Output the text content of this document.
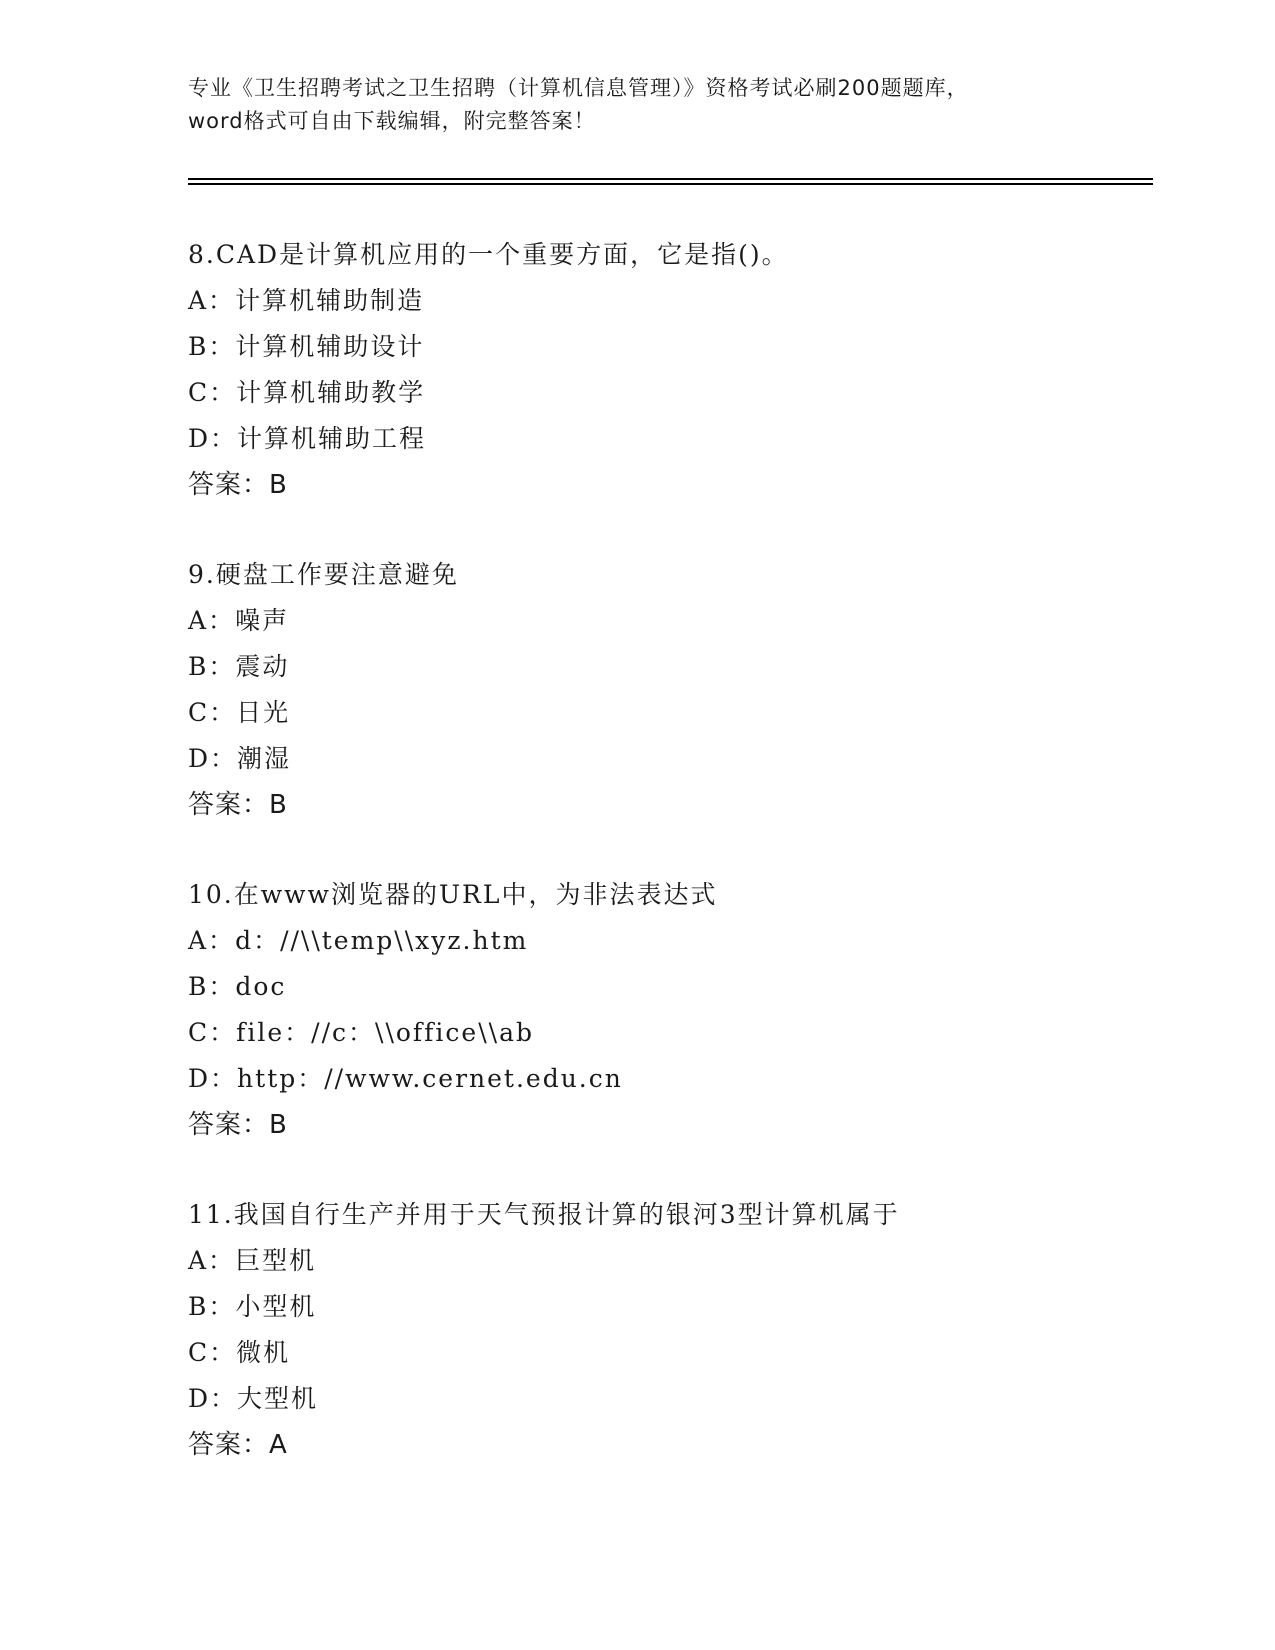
专业《卫生招聘考试之卫生招聘（计算机信息管理）》资格考试必刷200题题库，
word格式可自由下载编辑，附完整答案！
8.CAD是计算机应用的一个重要方面，它是指()。
A：计算机辅助制造
B：计算机辅助设计
C：计算机辅助教学
D：计算机辅助工程
答案：B
9.硬盘工作要注意避免
A：噪声
B：震动
C：日光
D：潮湿
答案：B
10.在www浏览器的URL中，为非法表达式
A：d：//\\temp\\xyz.htm
B：doc
C：file：//c：\\office\\ab
D：http：//www.cernet.edu.cn
答案：B
11.我国自行生产并用于天气预报计算的银河3型计算机属于
A：巨型机
B：小型机
C：微机
D：大型机
答案：A
